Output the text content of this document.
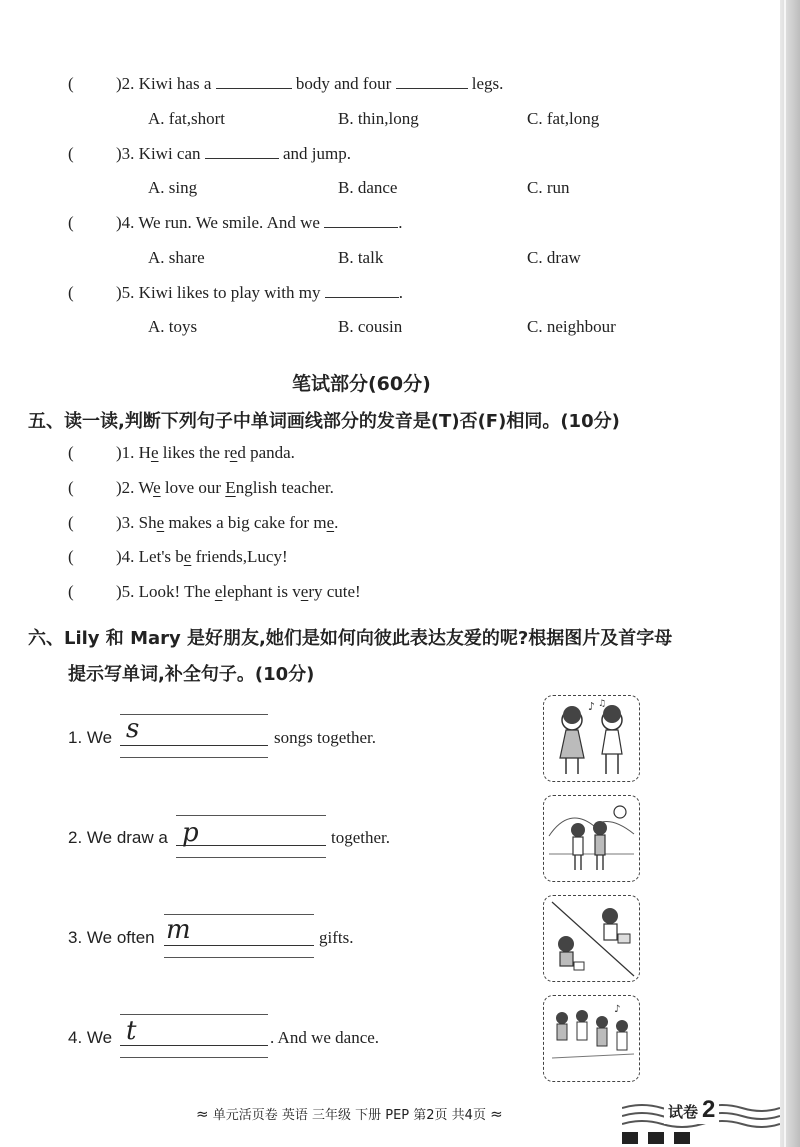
( )2. Kiwi has a	body and four	legs.
A. fat,short	B. thin,long	C. fat,long
( )3. Kiwi can	and jump.
A. sing	B. dance	C. run
( )4. We run. We smile. And we	.
A. share	B. talk	C. draw
( )5. Kiwi likes to play with my	.
A. toys	B. cousin	C. neighbour
笔试部分(60分)
五、读一读,判断下列句子中单词画线部分的发音是(T)否(F)相同。(10分)
( )1. He likes the red panda.
( )2. We love our English teacher.
( )3. She makes a big cake for me.
( )4. Let's be friends,Lucy!
( )5. Look! The elephant is very cute!
六、Lily 和 Mary 是好朋友,她们是如何向彼此表达友爱的呢?根据图片及首字母
提示写单词,补全句子。(10分)
1. We s	songs together.
♪ ♫
2. We draw a p	together.
3. We often m	gifts.
4. We t	. And we dance.
♪
≈ 单元活页卷 英语 三年级 下册 PEP 第2页 共4页 ≈	试卷 2
